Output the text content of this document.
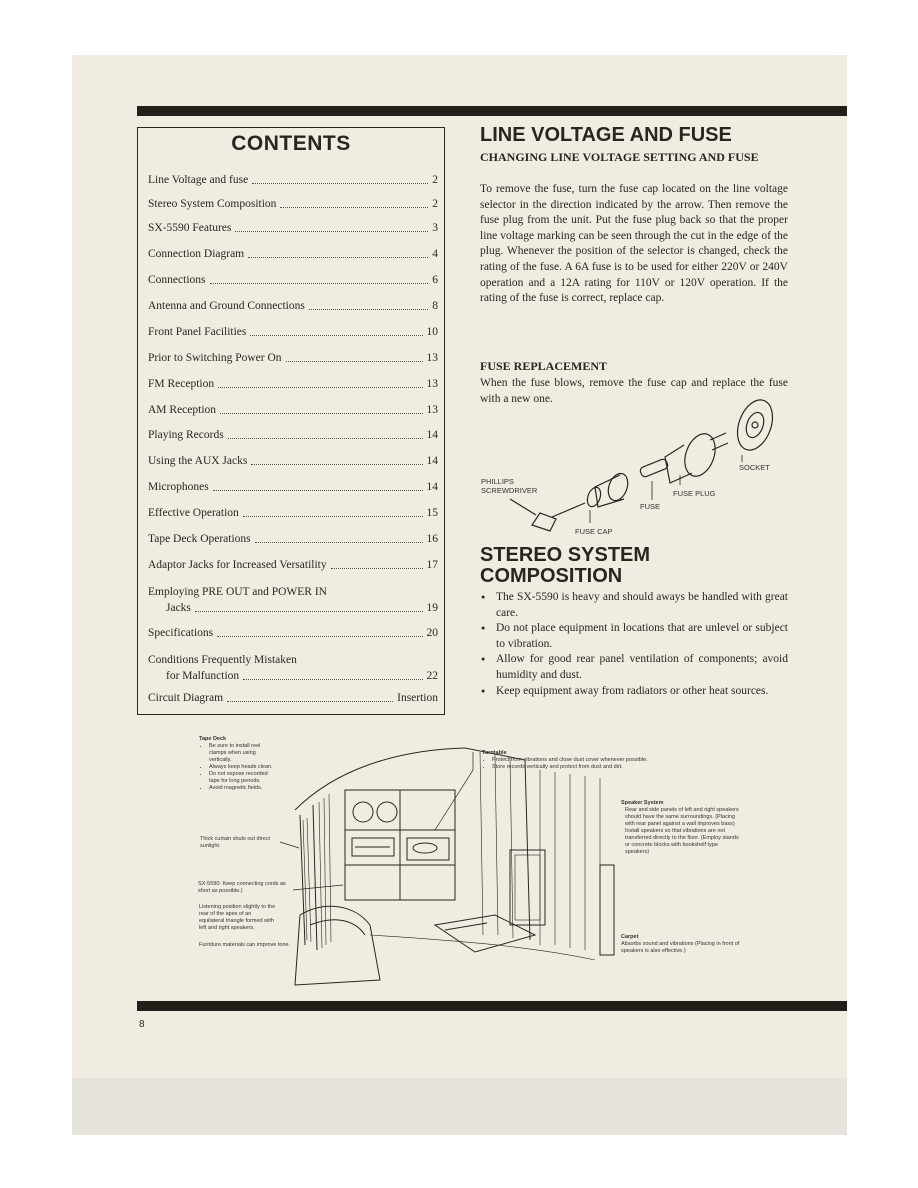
CONTENTS
Line Voltage and fuse	2
Stereo System Composition	2
SX-5590 Features	3
Connection Diagram	4
Connections	6
Antenna and Ground Connections	8
Front Panel Facilities	10
Prior to Switching Power On	13
FM Reception	13
AM Reception	13
Playing Records	14
Using the AUX Jacks	14
Microphones	14
Effective Operation	15
Tape Deck Operations	16
Adaptor Jacks for Increased Versatility	17
Employing PRE OUT and POWER IN
Jacks	19
Specifications	20
Conditions Frequently Mistaken
for Malfunction	22
Circuit Diagram	Insertion
LINE VOLTAGE AND FUSE

CHANGING LINE VOLTAGE SETTING AND FUSE

To remove the fuse, turn the fuse cap located on the line voltage selector in the direction indicated by the arrow. Then remove the fuse plug from the unit. Put the fuse plug back so that the proper line voltage marking can be seen through the cut in the edge of the plug. Whenever the position of the selector is changed, check the rating of the fuse. A 6A fuse is to be used for either 220V or 240V operation and a 12A rating for 110V or 120V operation. If the rating of the fuse is correct, replace cap.

FUSE REPLACEMENT

When the fuse blows, remove the fuse cap and replace the fuse with a new one.

SOCKET
PHILLIPS SCREWDRIVER	FUSE PLUG
FUSE
FUSE CAP
STEREO SYSTEM
COMPOSITION
● The SX-5590 is heavy and should aways be handled with great care.
● Do not place equipment in locations that are unlevel or subject to vibration.
● Allow for good rear panel ventilation of components; avoid humidity and dust.
● Keep equipment away from radiators or other heat sources.
Tape Deck
• Be sure to install reel clamps when using vertically.
• Always keep heads clean.
• Do not expose recorded tape for long periods.
• Avoid magnetic fields.
Thick curtain shuts out direct sunlight.
SX-5590: Keep connecting cords as short as possible.)
Listening position slightly to the rear of the apex of an equilateral triangle formed with left and right speakers.
Furniture materials can improve tone.
Turntable
• Protect from vibrations and close dust cover whenever possible.
• Store records vertically and protect from dust and dirt.
Speaker System
Rear and side panels of left and right speakers should have the same surroundings. (Placing with rear panel against a wall improves bass) Install speakers so that vibrations are not transferred directly to the floor. (Employ stands or concrete blocks with bookshelf type speakers)
Carpet
Absorbs sound and vibrations (Placing in front of speakers is also effective.)
8
